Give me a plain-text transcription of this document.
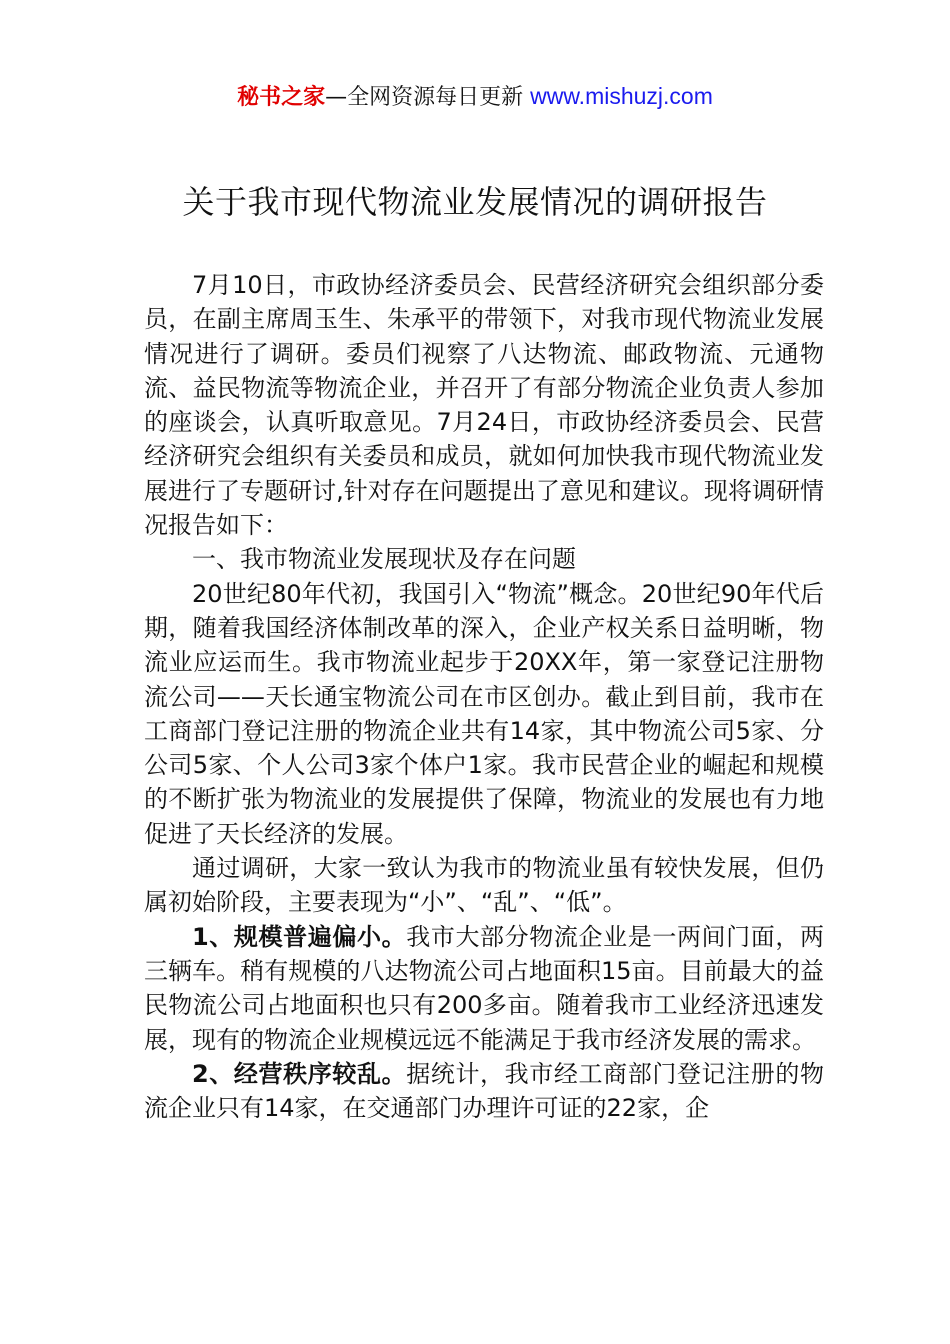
秘书之家—全网资源每日更新 www.mishuzj.com
关于我市现代物流业发展情况的调研报告

7月10日，市政协经济委员会、民营经济研究会组织部分委员，在副主席周玉生、朱承平的带领下，对我市现代物流业发展情况进行了调研。委员们视察了八达物流、邮政物流、元通物流、益民物流等物流企业，并召开了有部分物流企业负责人参加的座谈会，认真听取意见。7月24日，市政协经济委员会、民营经济研究会组织有关委员和成员，就如何加快我市现代物流业发展进行了专题研讨,针对存在问题提出了意见和建议。现将调研情况报告如下：

一、我市物流业发展现状及存在问题

20世纪80年代初，我国引入“物流”概念。20世纪90年代后期，随着我国经济体制改革的深入，企业产权关系日益明晰，物流业应运而生。我市物流业起步于20XX年，第一家登记注册物流公司——天长通宝物流公司在市区创办。截止到目前，我市在工商部门登记注册的物流企业共有14家，其中物流公司5家、分公司5家、个人公司3家个体户1家。我市民营企业的崛起和规模的不断扩张为物流业的发展提供了保障，物流业的发展也有力地促进了天长经济的发展。

通过调研，大家一致认为我市的物流业虽有较快发展，但仍属初始阶段，主要表现为“小”、“乱”、“低”。

1、规模普遍偏小。我市大部分物流企业是一两间门面，两三辆车。稍有规模的八达物流公司占地面积15亩。目前最大的益民物流公司占地面积也只有200多亩。随着我市工业经济迅速发展，现有的物流企业规模远远不能满足于我市经济发展的需求。

2、经营秩序较乱。据统计，我市经工商部门登记注册的物流企业只有14家，在交通部门办理许可证的22家，企
